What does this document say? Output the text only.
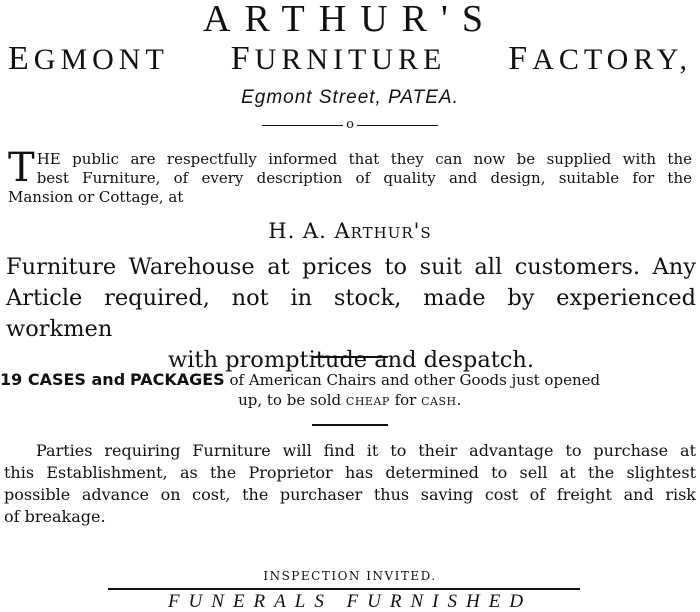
ARTHUR'S
EGMONT FURNITURE FACTORY,
Egmont Street, PATEA.
o
T HE public are respectfully informed that they can now be supplied with the
best Furniture, of every description of quality and design, suitable for the
Mansion or Cottage, at
H. A. Arthur's
Furniture Warehouse at prices to suit all customers. Any
Article required, not in stock, made by experienced workmen
with promptitude and despatch.
19 CASES and PACKAGES of American Chairs and other Goods just opened
up, to be sold cheap for cash.
Parties requiring Furniture will find it to their advantage to purchase at
this Establishment, as the Proprietor has determined to sell at the slightest
possible advance on cost, the purchaser thus saving cost of freight and risk
of breakage.
INSPECTION INVITED.
FUNERALS FURNISHED
